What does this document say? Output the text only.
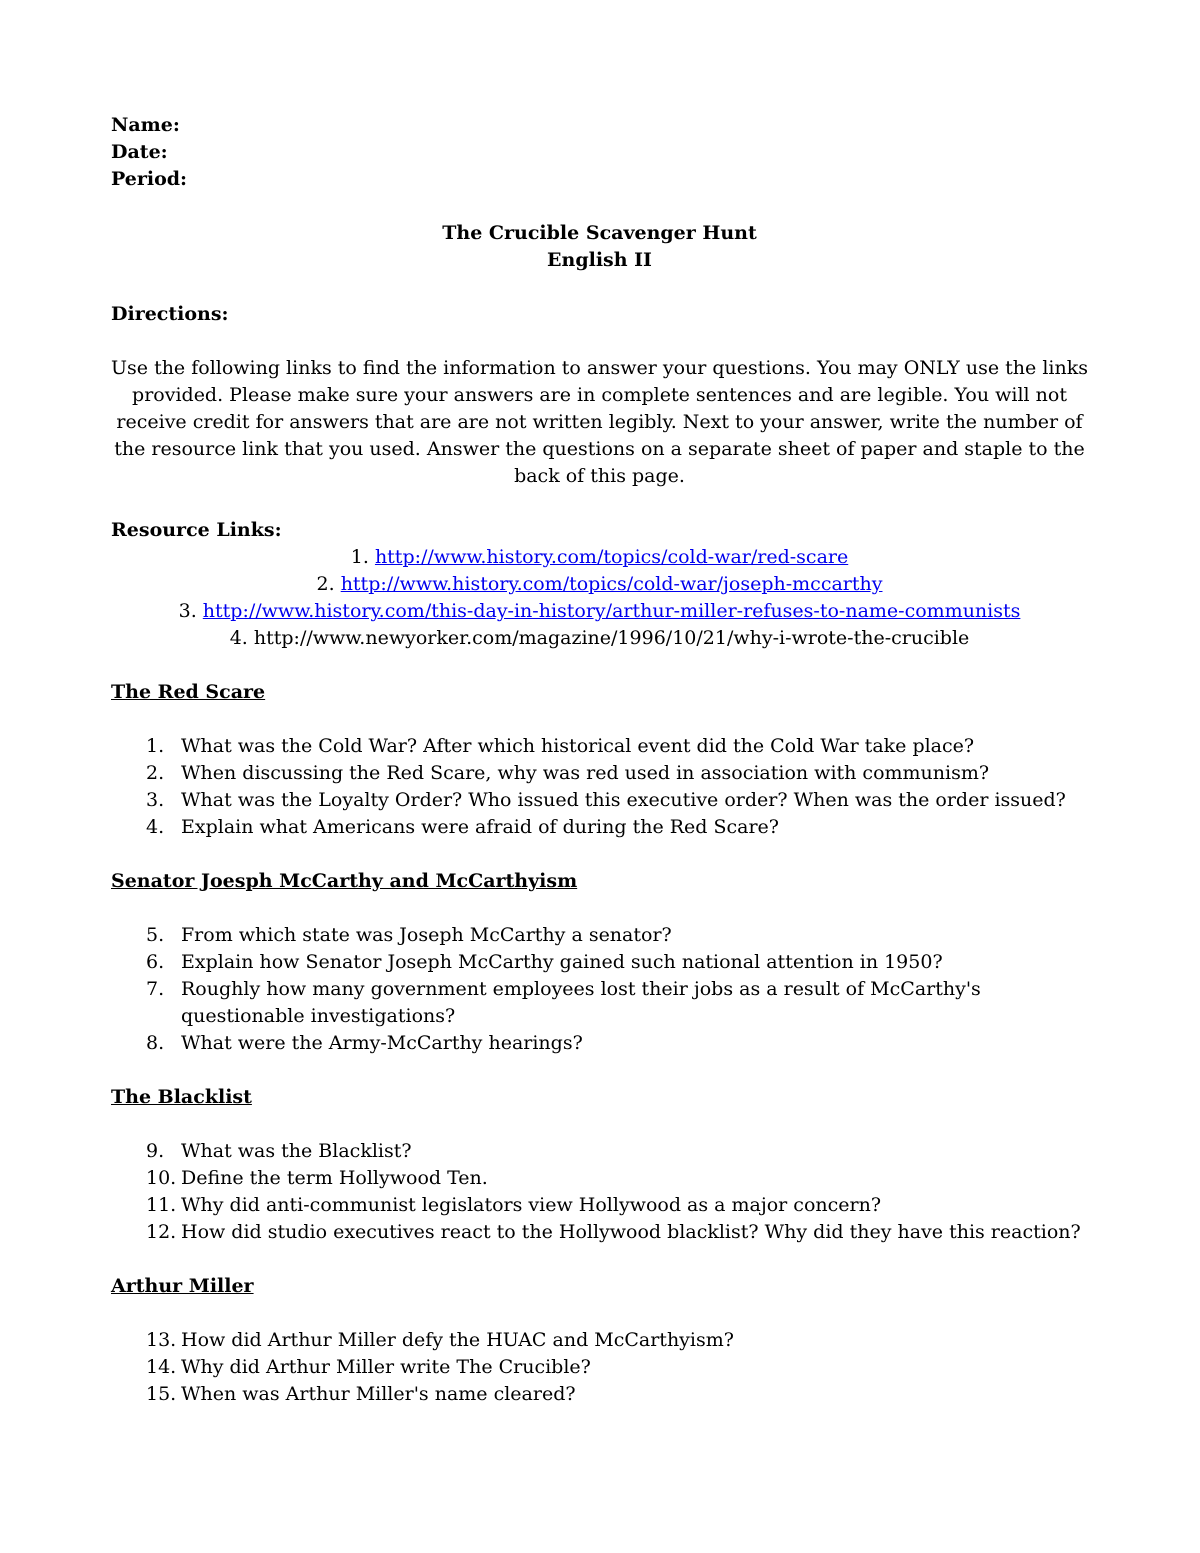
Name:
Date:
Period:
The Crucible Scavenger Hunt
English II
Directions:
Use the following links to find the information to answer your questions. You may ONLY use the links provided. Please make sure your answers are in complete sentences and are legible. You will not receive credit for answers that are are not written legibly. Next to your answer, write the number of the resource link that you used. Answer the questions on a separate sheet of paper and staple to the back of this page.
Resource Links:
1. http://www.history.com/topics/cold-war/red-scare
2. http://www.history.com/topics/cold-war/joseph-mccarthy
3. http://www.history.com/this-day-in-history/arthur-miller-refuses-to-name-communists
4. http://www.newyorker.com/magazine/1996/10/21/why-i-wrote-the-crucible
The Red Scare
1. What was the Cold War? After which historical event did the Cold War take place?
2. When discussing the Red Scare, why was red used in association with communism?
3. What was the Loyalty Order? Who issued this executive order? When was the order issued?
4. Explain what Americans were afraid of during the Red Scare?
Senator Joesph McCarthy and McCarthyism
5. From which state was Joseph McCarthy a senator?
6. Explain how Senator Joseph McCarthy gained such national attention in 1950?
7. Roughly how many government employees lost their jobs as a result of McCarthy's questionable investigations?
8. What were the Army-McCarthy hearings?
The Blacklist
9. What was the Blacklist?
10. Define the term Hollywood Ten.
11. Why did anti-communist legislators view Hollywood as a major concern?
12. How did studio executives react to the Hollywood blacklist? Why did they have this reaction?
Arthur Miller
13. How did Arthur Miller defy the HUAC and McCarthyism?
14. Why did Arthur Miller write The Crucible?
15. When was Arthur Miller's name cleared?
